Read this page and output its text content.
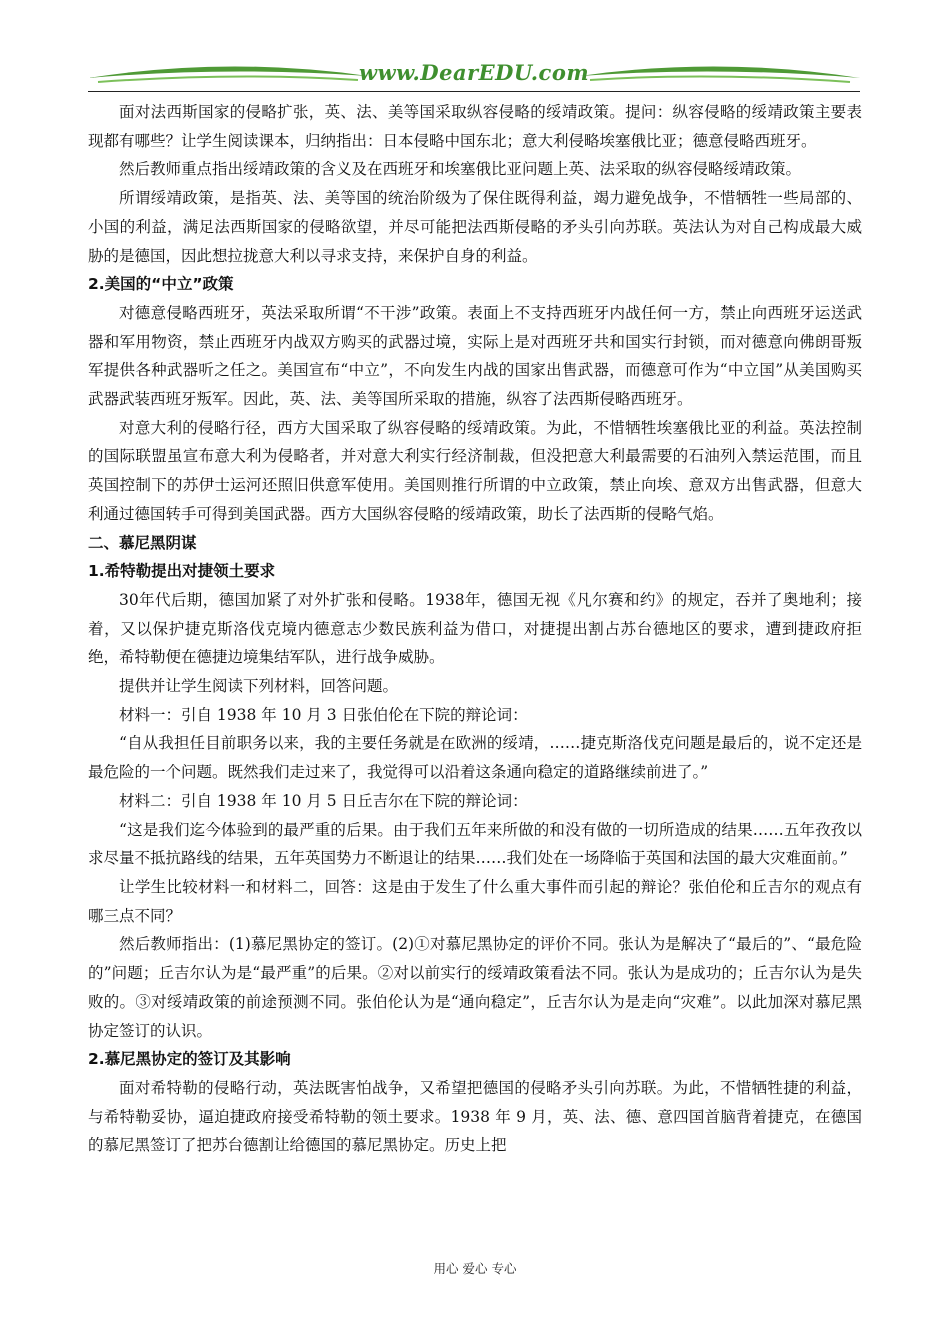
www.DearEDU.com

面对法西斯国家的侵略扩张，英、法、美等国采取纵容侵略的绥靖政策。提问：纵容侵略的绥靖政策主要表现都有哪些？让学生阅读课本，归纳指出：日本侵略中国东北；意大利侵略埃塞俄比亚；德意侵略西班牙。

然后教师重点指出绥靖政策的含义及在西班牙和埃塞俄比亚问题上英、法采取的纵容侵略绥靖政策。

所谓绥靖政策，是指英、法、美等国的统治阶级为了保住既得利益，竭力避免战争，不惜牺牲一些局部的、小国的利益，满足法西斯国家的侵略欲望，并尽可能把法西斯侵略的矛头引向苏联。英法认为对自己构成最大威胁的是德国，因此想拉拢意大利以寻求支持，来保护自身的利益。

2.美国的“中立”政策

对德意侵略西班牙，英法采取所谓“不干涉”政策。表面上不支持西班牙内战任何一方，禁止向西班牙运送武器和军用物资，禁止西班牙内战双方购买的武器过境，实际上是对西班牙共和国实行封锁，而对德意向佛朗哥叛军提供各种武器听之任之。美国宣布“中立”，不向发生内战的国家出售武器，而德意可作为“中立国”从美国购买武器武装西班牙叛军。因此，英、法、美等国所采取的措施，纵容了法西斯侵略西班牙。

对意大利的侵略行径，西方大国采取了纵容侵略的绥靖政策。为此，不惜牺牲埃塞俄比亚的利益。英法控制的国际联盟虽宣布意大利为侵略者，并对意大利实行经济制裁，但没把意大利最需要的石油列入禁运范围，而且英国控制下的苏伊士运河还照旧供意军使用。美国则推行所谓的中立政策，禁止向埃、意双方出售武器，但意大利通过德国转手可得到美国武器。西方大国纵容侵略的绥靖政策，助长了法西斯的侵略气焰。

二、慕尼黑阴谋
1.希特勒提出对捷领土要求

30年代后期，德国加紧了对外扩张和侵略。1938年，德国无视《凡尔赛和约》的规定，吞并了奥地利；接着，又以保护捷克斯洛伐克境内德意志少数民族利益为借口，对捷提出割占苏台德地区的要求，遭到捷政府拒绝，希特勒便在德捷边境集结军队，进行战争威胁。

提供并让学生阅读下列材料，回答问题。

材料一：引自 1938 年 10 月 3 日张伯伦在下院的辩论词：

“自从我担任目前职务以来，我的主要任务就是在欧洲的绥靖，……捷克斯洛伐克问题是最后的，说不定还是最危险的一个问题。既然我们走过来了，我觉得可以沿着这条通向稳定的道路继续前进了。”

材料二：引自 1938 年 10 月 5 日丘吉尔在下院的辩论词：

“这是我们迄今体验到的最严重的后果。由于我们五年来所做的和没有做的一切所造成的结果……五年孜孜以求尽量不抵抗路线的结果，五年英国势力不断退让的结果……我们处在一场降临于英国和法国的最大灾难面前。”

让学生比较材料一和材料二，回答：这是由于发生了什么重大事件而引起的辩论？张伯伦和丘吉尔的观点有哪三点不同？

然后教师指出：(1)慕尼黑协定的签订。(2)①对慕尼黑协定的评价不同。张认为是解决了“最后的”、“最危险的”问题；丘吉尔认为是“最严重”的后果。②对以前实行的绥靖政策看法不同。张认为是成功的；丘吉尔认为是失败的。③对绥靖政策的前途预测不同。张伯伦认为是“通向稳定”，丘吉尔认为是走向“灾难”。以此加深对慕尼黑协定签订的认识。

2.慕尼黑协定的签订及其影响

面对希特勒的侵略行动，英法既害怕战争，又希望把德国的侵略矛头引向苏联。为此，不惜牺牲捷的利益，与希特勒妥协，逼迫捷政府接受希特勒的领土要求。1938 年 9 月，英、法、德、意四国首脑背着捷克，在德国的慕尼黑签订了把苏台德割让给德国的慕尼黑协定。历史上把

用心 爱心 专心
